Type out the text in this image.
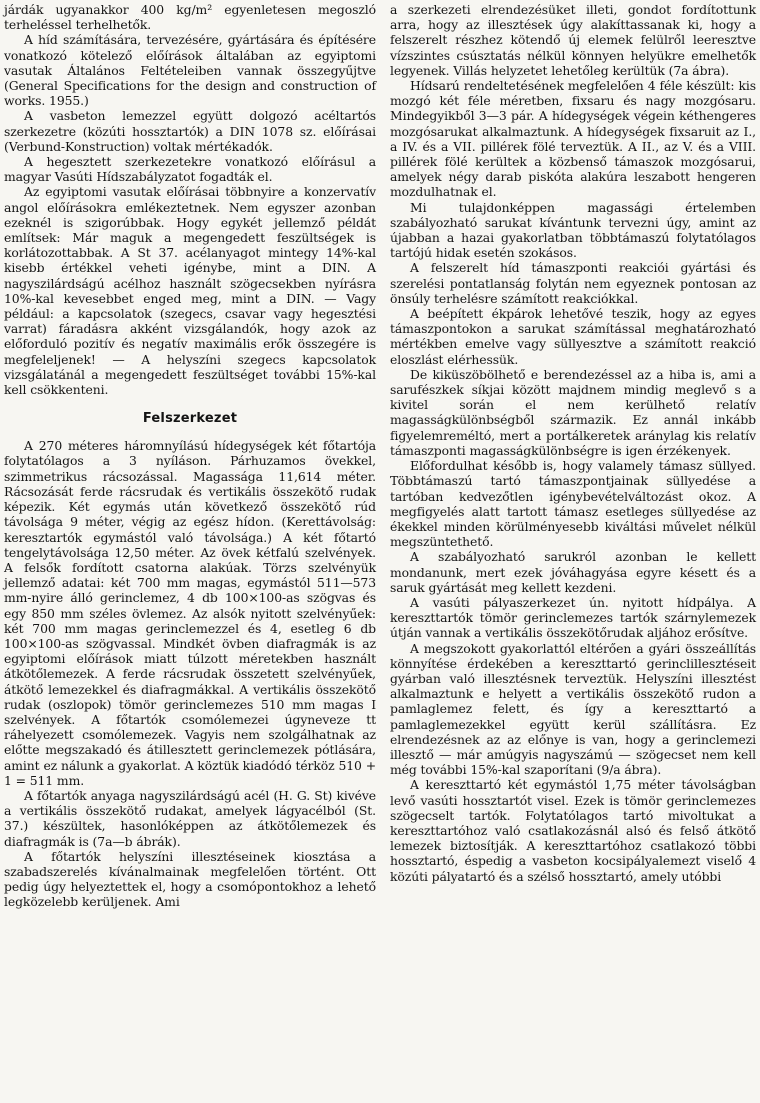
járdák ugyanakkor 400 kg/m² egyenletesen megoszló terheléssel terhelhetők.

A híd számítására, tervezésére, gyártására és építésére vonatkozó kötelező előírások általában az egyiptomi vasutak Általános Feltételeiben vannak összegyűjtve (General Specifications for the design and construction of works. 1955.)

A vasbeton lemezzel együtt dolgozó acéltartós szerkezetre (közúti hossztartók) a DIN 1078 sz. előírásai (Verbund-Konstruction) voltak mértékadók.

A hegesztett szerkezetekre vonatkozó előírásul a magyar Vasúti Hídszabályzatot fogadták el.

Az egyiptomi vasutak előírásai többnyire a konzervatív angol előírásokra emlékeztetnek. Nem egyszer azonban ezeknél is szigorúbbak. Hogy egykét jellemző példát említsek: Már maguk a megengedett feszültségek is korlátozottabbak. A St 37. acélanyagot mintegy 14%-kal kisebb értékkel veheti igénybe, mint a DIN. A nagyszilárdságú acélhoz használt szögecsekben nyírásra 10%-kal kevesebbet enged meg, mint a DIN. — Vagy például: a kapcsolatok (szegecs, csavar vagy hegesztési varrat) fáradásra akként vizsgálandók, hogy azok az előforduló pozitív és negatív maximális erők összegére is megfeleljenek! — A helyszíni szegecs kapcsolatok vizsgálatánál a megengedett feszültséget további 15%-kal kell csökkenteni.

Felszerkezet

A 270 méteres háromnyílású hídegységek két főtartója folytatólagos a 3 nyíláson. Párhuzamos övekkel, szimmetrikus rácsozással. Magassága 11,614 méter. Rácsozását ferde rácsrudak és vertikális összekötő rudak képezik. Két egymás után következő összekötő rúd távolsága 9 méter, végig az egész hídon. (Kerettávolság: keresztartók egymástól való távolsága.) A két főtartó tengelytávolsága 12,50 méter. Az övek kétfalú szelvények. A felsők fordított csatorna alakúak. Törzs szelvényük jellemző adatai: két 700 mm magas, egymástól 511—573 mm-nyire álló gerinclemez, 4 db 100×100-as szögvas és egy 850 mm széles övlemez. Az alsók nyitott szelvényűek: két 700 mm magas gerinclemezzel és 4, esetleg 6 db 100×100-as szögvassal. Mindkét övben diafragmák is az egyiptomi előírások miatt túlzott méretekben használt átkötőlemezek. A ferde rácsrudak összetett szelvényűek, átkötő lemezekkel és diafragmákkal. A vertikális összekötő rudak (oszlopok) tömör gerinclemezes 510 mm magas I szelvények. A főtartók csomólemezei úgyneveze tt ráhelyezett csomólemezek. Vagyis nem szolgálhatnak az előtte megszakadó és átillesztett gerinclemezek pótlására, amint ez nálunk a gyakorlat. A köztük kiadódó térköz 510 + 1 = 511 mm.

A főtartók anyaga nagyszilárdságú acél (H. G. St) kivéve a vertikális összekötő rudakat, amelyek lágyacélból (St. 37.) készültek, hasonlóképpen az átkötőlemezek és diafragmák is (7a—b ábrák).

A főtartók helyszíni illesztéseinek kiosztása a szabadszerelés kívánalmainak megfelelően történt. Ott pedig úgy helyeztettek el, hogy a csomópontokhoz a lehető legközelebb kerüljenek. Ami

a szerkezeti elrendezésüket illeti, gondot fordítottunk arra, hogy az illesztések úgy alakíttassanak ki, hogy a felszerelt részhez kötendő új elemek felülről leeresztve vízszintes csúsztatás nélkül könnyen helyükre emelhetők legyenek. Villás helyzetet lehetőleg kerültük (7a ábra).

Hídsarú rendeltetésének megfelelően 4 féle készült: kis mozgó két féle méretben, fixsaru és nagy mozgósaru. Mindegyikből 3—3 pár. A hídegységek végein kéthengeres mozgósarukat alkalmaztunk. A hídegységek fixsaruit az I., a IV. és a VII. pillérek fölé terveztük. A II., az V. és a VIII. pillérek fölé kerültek a közbenső támaszok mozgósarui, amelyek négy darab piskóta alakúra leszabott hengeren mozdulhatnak el.

Mi tulajdonképpen magassági értelemben szabályozható sarukat kívántunk tervezni úgy, amint az újabban a hazai gyakorlatban többtámaszú folytatólagos tartójú hidak esetén szokásos.

A felszerelt híd támaszponti reakciói gyártási és szerelési pontatlanság folytán nem egyeznek pontosan az önsúly terhelésre számított reakciókkal.

A beépített ékpárok lehetővé teszik, hogy az egyes támaszpontokon a sarukat számítással meghatározható mértékben emelve vagy süllyesztve a számított reakció eloszlást elérhessük.

De kiküszöbölhető e berendezéssel az a hiba is, ami a sarufészkek síkjai között majdnem mindig meglevő s a kivitel során el nem kerülhető relatív magasságkülönbségből származik. Ez annál inkább figyelemreméltó, mert a portálkeretek aránylag kis relatív támaszponti magasságkülönbségre is igen érzékenyek.

Előfordulhat később is, hogy valamely támasz süllyed. Többtámaszú tartó támaszpontjainak süllyedése a tartóban kedvezőtlen igénybevételváltozást okoz. A megfigyelés alatt tartott támasz esetleges süllyedése az ékekkel minden körülményesebb kiváltási művelet nélkül megszüntethető.

A szabályozható sarukról azonban le kellett mondanunk, mert ezek jóváhagyása egyre késett és a saruk gyártását meg kellett kezdeni.

A vasúti pályaszerkezet ún. nyitott hídpálya. A kereszttartók tömör gerinclemezes tartók szárnylemezek útján vannak a vertikális összekötőrudak aljához erősítve.

A megszokott gyakorlattól eltérően a gyári összeállítás könnyítése érdekében a kereszttartó gerinclillesztéseit gyárban való illesztésnek terveztük. Helyszíni illesztést alkalmaztunk e helyett a vertikális összekötő rudon a pamlaglemez felett, és így a kereszttartó a pamlaglemezekkel együtt kerül szállításra. Ez elrendezésnek az az előnye is van, hogy a gerinclemezi illesztő — már amúgyis nagyszámú — szögecset nem kell még további 15%-kal szaporítani (9/a ábra).

A kereszttartó két egymástól 1,75 méter távolságban levő vasúti hossztartót visel. Ezek is tömör gerinclemezes szögecselt tartók. Folytatólagos tartó mivoltukat a kereszttartóhoz való csatlakozásnál alsó és felső átkötő lemezek biztosítják. A kereszttartóhoz csatlakozó többi hossztartó, éspedig a vasbeton kocsipályalemezt viselő 4 közúti pályatartó és a szélső hossztartó, amely utóbbi
